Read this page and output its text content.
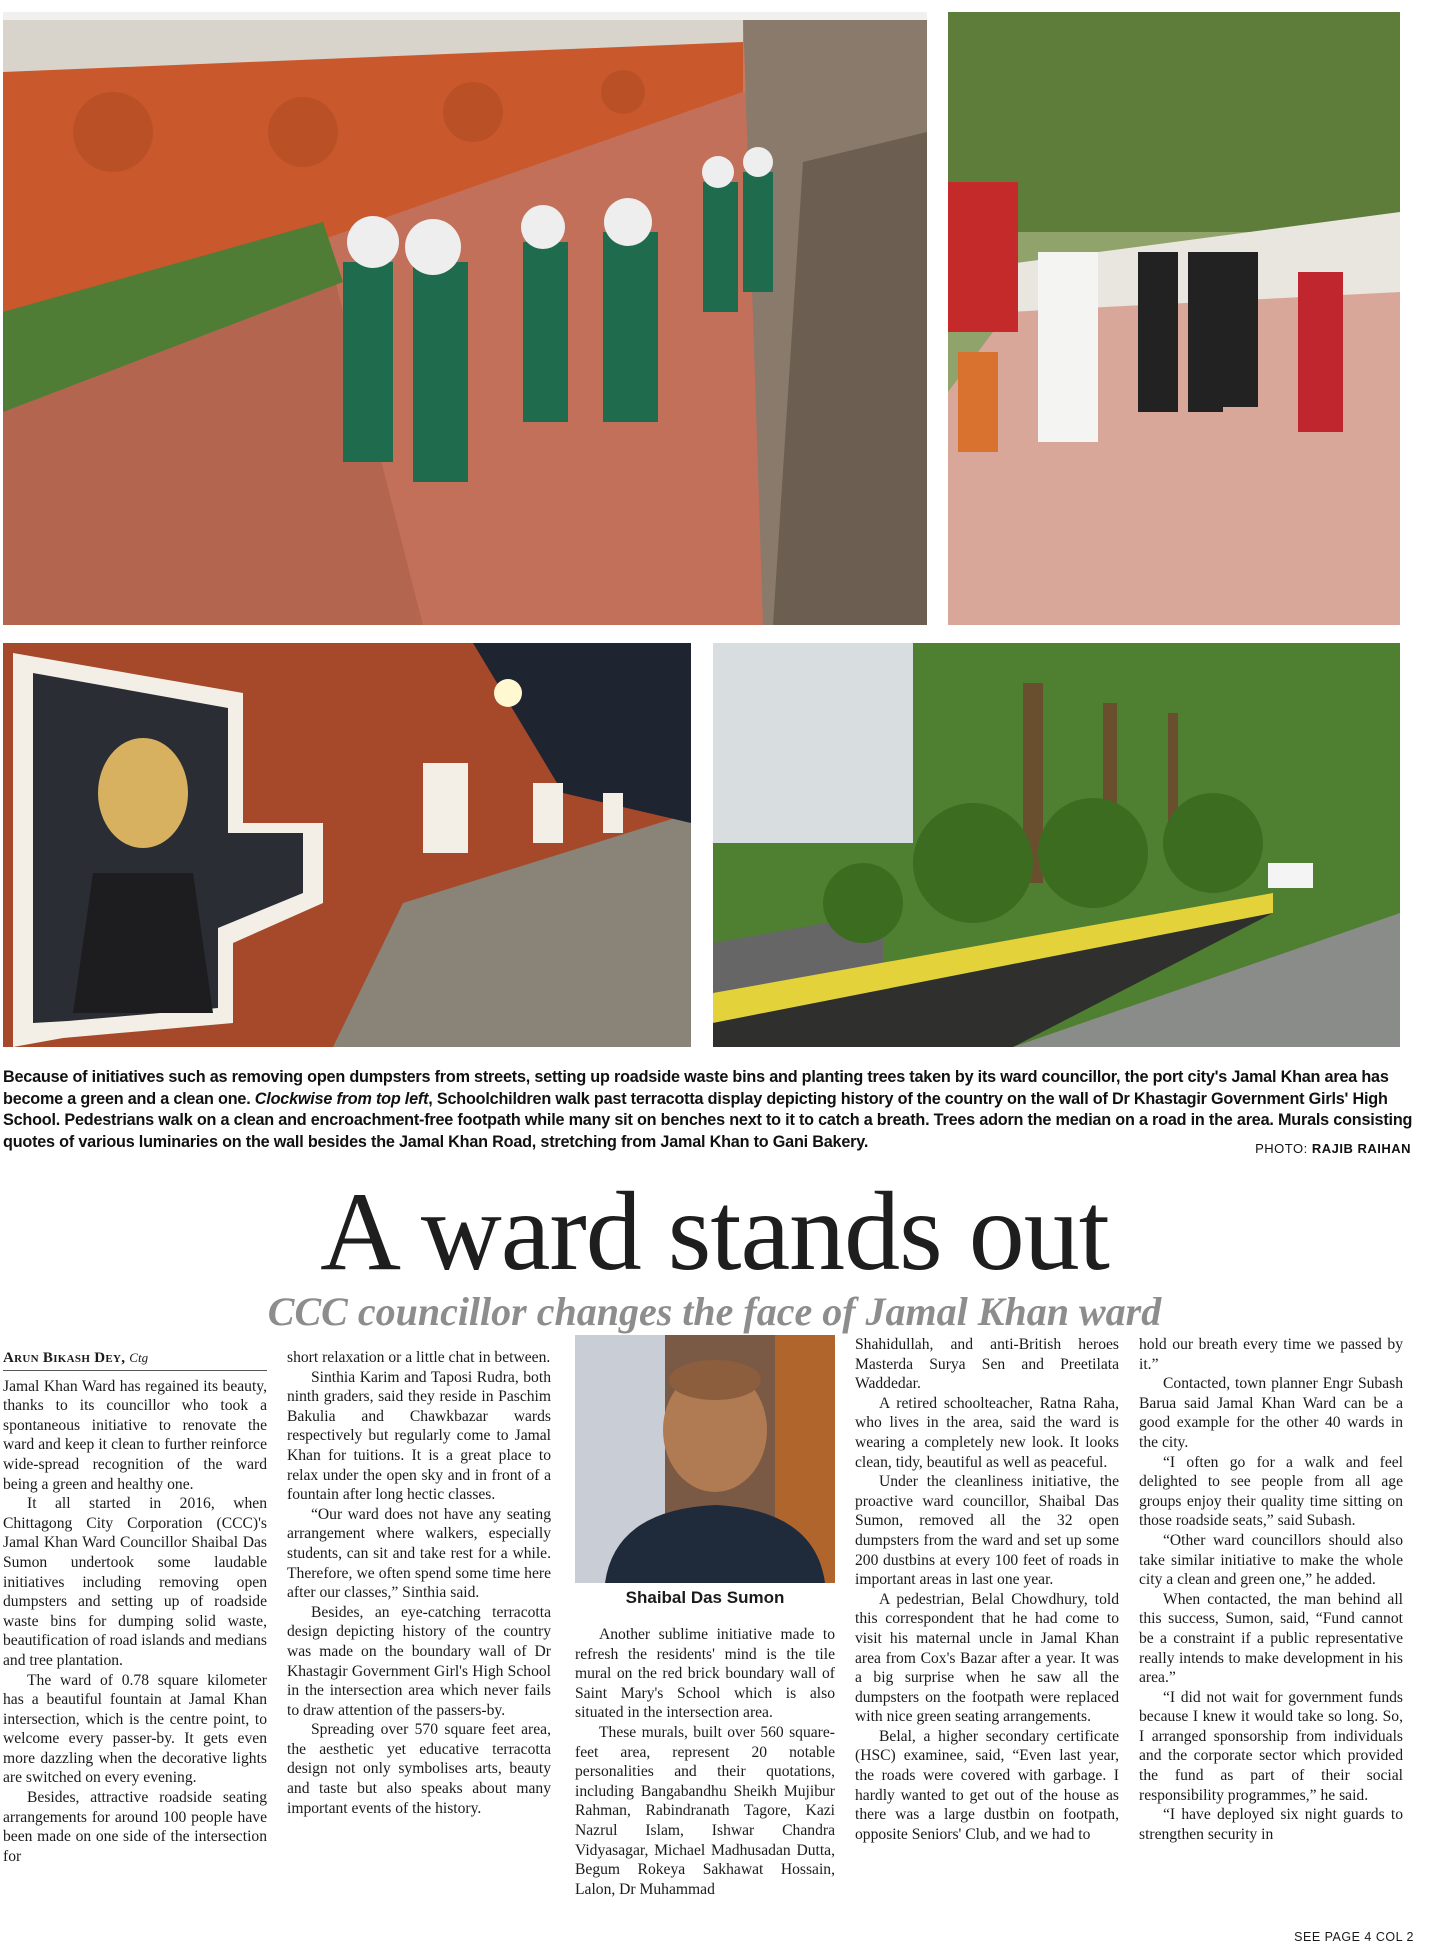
Because of initiatives such as removing open dumpsters from streets, setting up roadside waste bins and planting trees taken by its ward councillor, the port city's Jamal Khan area has become a green and a clean one. Clockwise from top left, Schoolchildren walk past terracotta display depicting history of the country on the wall of Dr Khastagir Government Girls' High School. Pedestrians walk on a clean and encroachment-free footpath while many sit on benches next to it to catch a breath. Trees adorn the median on a road in the area. Murals consisting quotes of various luminaries on the wall besides the Jamal Khan Road, stretching from Jamal Khan to Gani Bakery.	PHOTO: RAJIB RAIHAN
A ward stands out
CCC councillor changes the face of Jamal Khan ward
Arun Bikash Dey, Ctg

Jamal Khan Ward has regained its beauty, thanks to its councillor who took a spontaneous initiative to renovate the ward and keep it clean to further reinforce wide-spread recognition of the ward being a green and healthy one.

It all started in 2016, when Chittagong City Corporation (CCC)'s Jamal Khan Ward Councillor Shaibal Das Sumon undertook some laudable initiatives including removing open dumpsters and setting up of roadside waste bins for dumping solid waste, beautification of road islands and medians and tree plantation.

The ward of 0.78 square kilometer has a beautiful fountain at Jamal Khan intersection, which is the centre point, to welcome every passer-by. It gets even more dazzling when the decorative lights are switched on every evening.

Besides, attractive roadside seating arrangements for around 100 people have been made on one side of the intersection for

short relaxation or a little chat in between.

Sinthia Karim and Taposi Rudra, both ninth graders, said they reside in Paschim Bakulia and Chawkbazar wards respectively but regularly come to Jamal Khan for tuitions. It is a great place to relax under the open sky and in front of a fountain after long hectic classes.

“Our ward does not have any seating arrangement where walkers, especially students, can sit and take rest for a while. Therefore, we often spend some time here after our classes,” Sinthia said.

Besides, an eye-catching terracotta design depicting history of the country was made on the boundary wall of Dr Khastagir Government Girl's High School in the intersection area which never fails to draw attention of the passers-by.

Spreading over 570 square feet area, the aesthetic yet educative terracotta design not only symbolises arts, beauty and taste but also speaks about many important events of the history.

Shaibal Das Sumon

Another sublime initiative made to refresh the residents' mind is the tile mural on the red brick boundary wall of Saint Mary's School which is also situated in the intersection area.

These murals, built over 560 square-feet area, represent 20 notable personalities and their quotations, including Bangabandhu Sheikh Mujibur Rahman, Rabindranath Tagore, Kazi Nazrul Islam, Ishwar Chandra Vidyasagar, Michael Madhusadan Dutta, Begum Rokeya Sakhawat Hossain, Lalon, Dr Muhammad

Shahidullah, and anti-British heroes Masterda Surya Sen and Preetilata Waddedar.

A retired schoolteacher, Ratna Raha, who lives in the area, said the ward is wearing a completely new look. It looks clean, tidy, beautiful as well as peaceful.

Under the cleanliness initiative, the proactive ward councillor, Shaibal Das Sumon, removed all the 32 open dumpsters from the ward and set up some 200 dustbins at every 100 feet of roads in important areas in last one year.

A pedestrian, Belal Chowdhury, told this correspondent that he had come to visit his maternal uncle in Jamal Khan area from Cox's Bazar after a year. It was a big surprise when he saw all the dumpsters on the footpath were replaced with nice green seating arrangements.

Belal, a higher secondary certificate (HSC) examinee, said, “Even last year, the roads were covered with garbage. I hardly wanted to get out of the house as there was a large dustbin on footpath, opposite Seniors' Club, and we had to

hold our breath every time we passed by it.”

Contacted, town planner Engr Subash Barua said Jamal Khan Ward can be a good example for the other 40 wards in the city.

“I often go for a walk and feel delighted to see people from all age groups enjoy their quality time sitting on those roadside seats,” said Subash.

“Other ward councillors should also take similar initiative to make the whole city a clean and green one,” he added.

When contacted, the man behind all this success, Sumon, said, “Fund cannot be a constraint if a public representative really intends to make development in his area.”

“I did not wait for government funds because I knew it would take so long. So, I arranged sponsorship from individuals and the corporate sector which provided the fund as part of their social responsibility programmes,” he said.

“I have deployed six night guards to strengthen security in

SEE PAGE 4 COL 2
